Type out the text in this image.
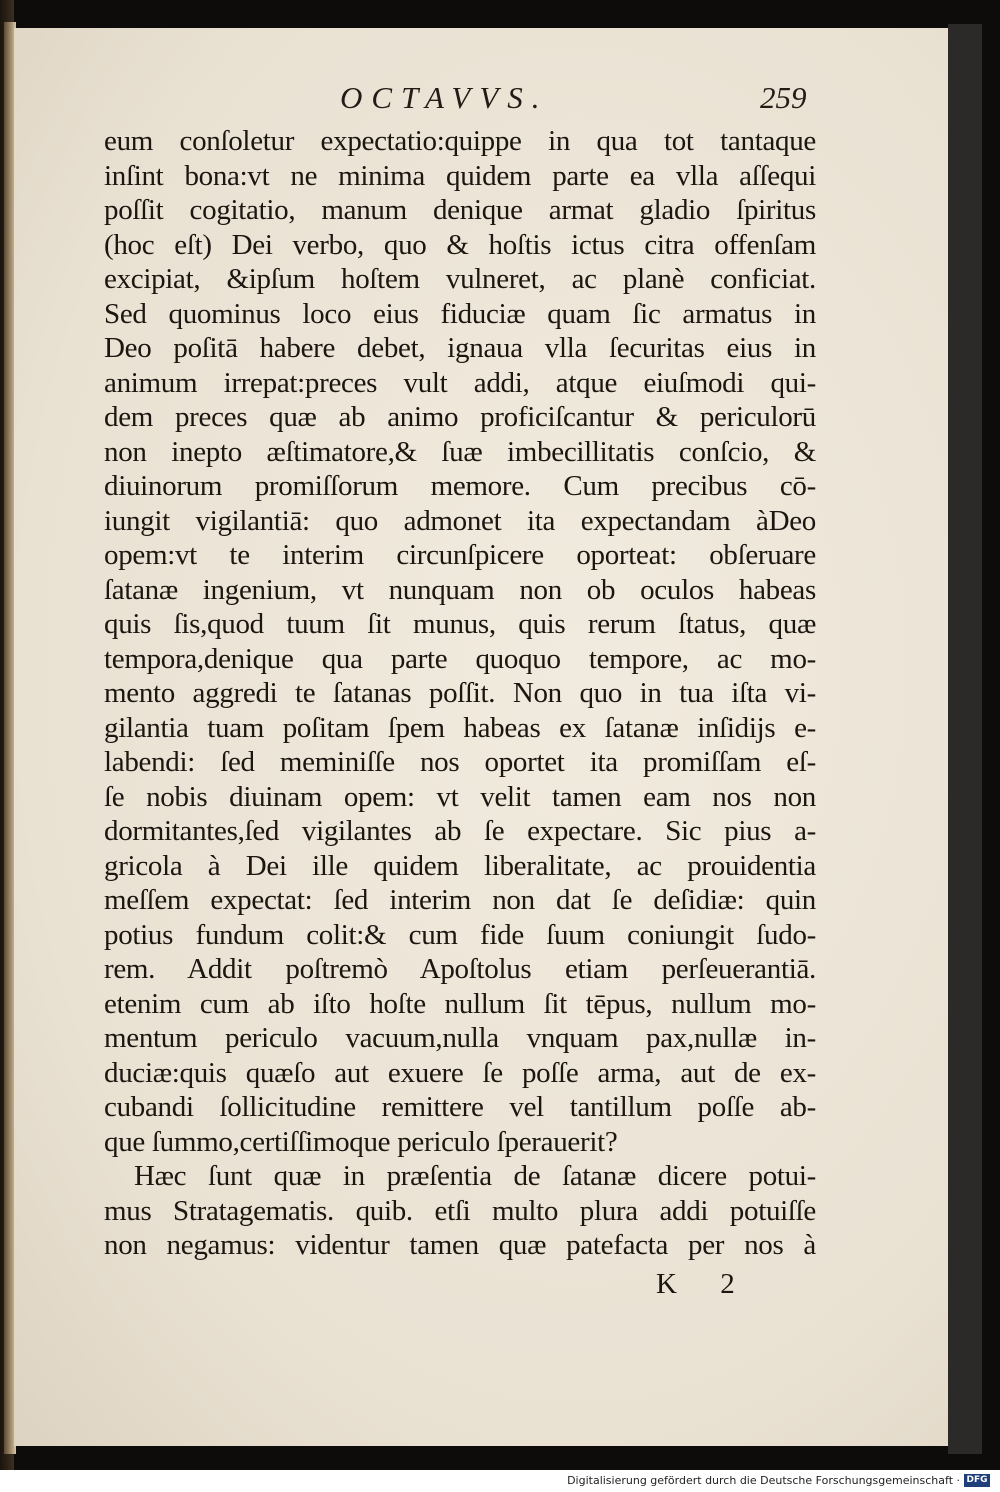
OCTAVVS.	259
eum conſoletur expectatio:quippe in qua tot tantaque
inſint bona:vt ne minima quidem parte ea vlla aſſequi
poſſit cogitatio, manum denique armat gladio ſpiritus
(hoc eſt) Dei verbo, quo & hoſtis ictus citra offenſam
excipiat, &ipſum hoſtem vulneret, ac planè conficiat.
Sed quominus loco eius fiduciæ quam ſic armatus in
Deo poſitā habere debet, ignaua vlla ſecuritas eius in
animum irrepat:preces vult addi, atque eiuſmodi qui-
dem preces quæ ab animo proficiſcantur & periculorū
non inepto æſtimatore,& ſuæ imbecillitatis conſcio, &
diuinorum promiſſorum memore. Cum precibus cō-
iungit vigilantiā: quo admonet ita expectandam àDeo
opem:vt te interim circunſpicere oporteat: obſeruare
ſatanæ ingenium, vt nunquam non ob oculos habeas
quis ſis,quod tuum ſit munus, quis rerum ſtatus, quæ
tempora,denique qua parte quoquo tempore, ac mo-
mento aggredi te ſatanas poſſit. Non quo in tua iſta vi-
gilantia tuam poſitam ſpem habeas ex ſatanæ inſidijs e-
labendi: ſed meminiſſe nos oportet ita promiſſam eſ-
ſe nobis diuinam opem: vt velit tamen eam nos non
dormitantes,ſed vigilantes ab ſe expectare. Sic pius a-
gricola à Dei ille quidem liberalitate, ac prouidentia
meſſem expectat: ſed interim non dat ſe deſidiæ: quin
potius fundum colit:& cum fide ſuum coniungit ſudo-
rem. Addit poſtremò Apoſtolus etiam perſeuerantiā.
etenim cum ab iſto hoſte nullum ſit tēpus, nullum mo-
mentum periculo vacuum,nulla vnquam pax,nullæ in-
duciæ:quis quæſo aut exuere ſe poſſe arma, aut de ex-
cubandi ſollicitudine remittere vel tantillum poſſe ab-
que ſummo,certiſſimoque periculo ſperauerit?
Hæc ſunt quæ in præſentia de ſatanæ dicere potui-
mus Stratagematis. quib. etſi multo plura addi potuiſſe
non negamus: videntur tamen quæ patefacta per nos à
K 2
Digitalisierung gefördert durch die Deutsche Forschungsgemeinschaft · DFG
